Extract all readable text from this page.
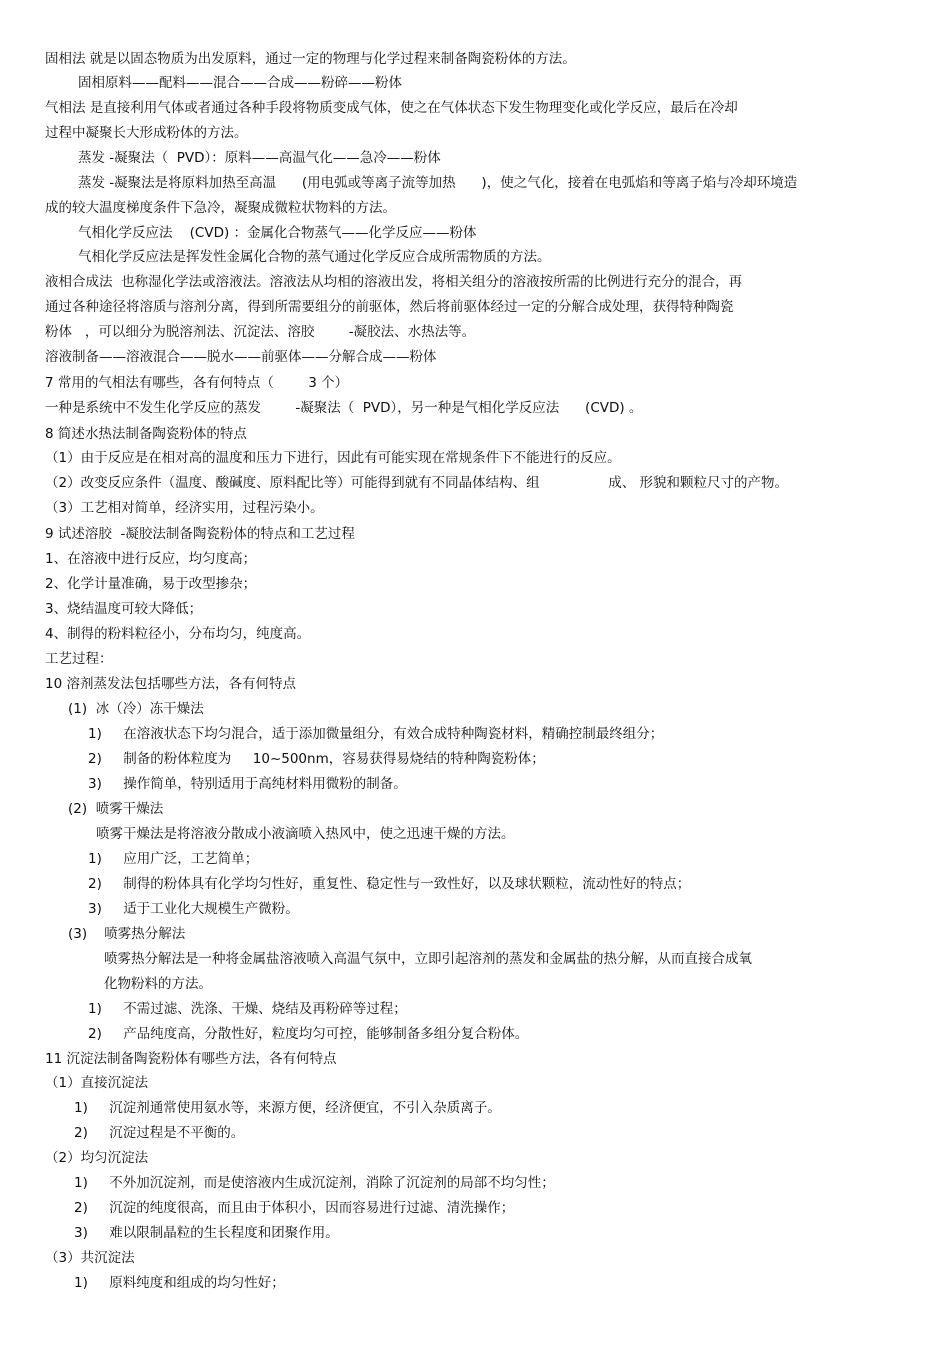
固相法 就是以固态物质为出发原料，通过一定的物理与化学过程来制备陶瓷粉体的方法。
固相原料——配料——混合——合成——粉碎——粉体
气相法 是直接利用气体或者通过各种手段将物质变成气体，使之在气体状态下发生物理变化或化学反应，最后在冷却
过程中凝聚长大形成粉体的方法。
蒸发 -凝聚法（  PVD）：原料——高温气化——急冷——粉体
蒸发 -凝聚法是将原料加热至高温      (用电弧或等离子流等加热      )，使之气化，接着在电弧焰和等离子焰与冷却环境造
成的较大温度梯度条件下急冷，凝聚成微粒状物料的方法。
气相化学反应法    (CVD) ：金属化合物蒸气——化学反应——粉体
气相化学反应法是挥发性金属化合物的蒸气通过化学反应合成所需物质的方法。
液相合成法  也称湿化学法或溶液法。溶液法从均相的溶液出发，将相关组分的溶液按所需的比例进行充分的混合，再
通过各种途径将溶质与溶剂分离，得到所需要组分的前驱体，然后将前驱体经过一定的分解合成处理，获得特种陶瓷
粉体   ，可以细分为脱溶剂法、沉淀法、溶胶        -凝胶法、水热法等。
溶液制备——溶液混合——脱水——前驱体——分解合成——粉体
7 常用的气相法有哪些，各有何特点（        3 个）
一种是系统中不发生化学反应的蒸发        -凝聚法（  PVD），另一种是气相化学反应法      (CVD) 。
8 简述水热法制备陶瓷粉体的特点
（1）由于反应是在相对高的温度和压力下进行，因此有可能实现在常规条件下不能进行的反应。
（2）改变反应条件（温度、酸碱度、原料配比等）可能得到就有不同晶体结构、组                成、 形貌和颗粒尺寸的产物。
（3）工艺相对简单，经济实用，过程污染小。
9 试述溶胶  -凝胶法制备陶瓷粉体的特点和工艺过程
1、在溶液中进行反应，均匀度高；
2、化学计量准确，易于改型掺杂；
3、烧结温度可较大降低；
4、制得的粉料粒径小，分布均匀，纯度高。
工艺过程：
10 溶剂蒸发法包括哪些方法，各有何特点
(1)  冰（冷）冻干燥法
1)     在溶液状态下均匀混合，适于添加微量组分，有效合成特种陶瓷材料，精确控制最终组分；
2)     制备的粉体粒度为     10~500nm，容易获得易烧结的特种陶瓷粉体；
3)     操作简单，特别适用于高纯材料用微粉的制备。
(2)  喷雾干燥法
喷雾干燥法是将溶液分散成小液滴喷入热风中，使之迅速干燥的方法。
1)     应用广泛，工艺简单；
2)     制得的粉体具有化学均匀性好，重复性、稳定性与一致性好，以及球状颗粒，流动性好的特点；
3)     适于工业化大规模生产微粉。
(3)    喷雾热分解法
喷雾热分解法是一种将金属盐溶液喷入高温气氛中，立即引起溶剂的蒸发和金属盐的热分解，从而直接合成氧
化物粉料的方法。
1)     不需过滤、洗涤、干燥、烧结及再粉碎等过程；
2)     产品纯度高，分散性好，粒度均匀可控，能够制备多组分复合粉体。
11 沉淀法制备陶瓷粉体有哪些方法，各有何特点
（1）直接沉淀法
1)     沉淀剂通常使用氨水等，来源方便，经济便宜，不引入杂质离子。
2)     沉淀过程是不平衡的。
（2）均匀沉淀法
1)     不外加沉淀剂，而是使溶液内生成沉淀剂，消除了沉淀剂的局部不均匀性；
2)     沉淀的纯度很高，而且由于体积小，因而容易进行过滤、清洗操作；
3)     难以限制晶粒的生长程度和团聚作用。
（3）共沉淀法
1)     原料纯度和组成的均匀性好；
